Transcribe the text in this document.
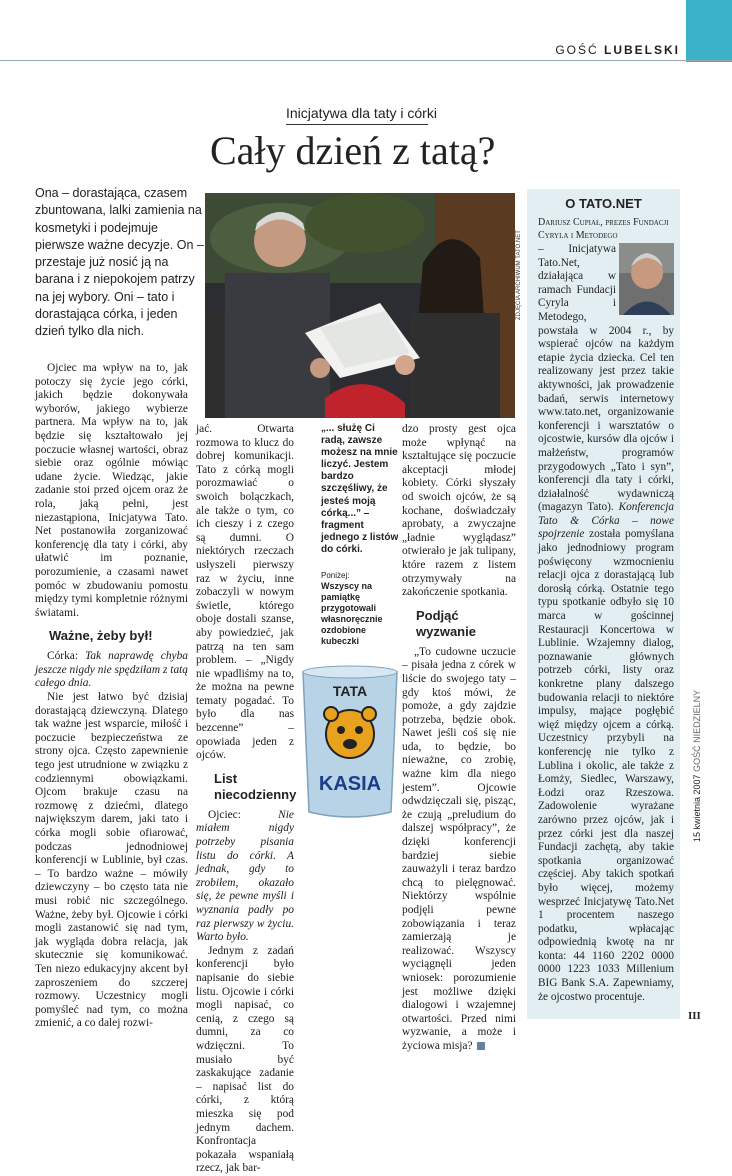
GOŚĆ LUBELSKI
Inicjatywa dla taty i córki
Cały dzień z tatą?
Ona – dorastająca, czasem zbuntowana, lalki zamienia na kosmetyki i podejmuje pierwsze ważne decyzje. On – przestaje już nosić ją na barana i z niepokojem patrzy na jej wybory. Oni – tato i dorastająca córka, i jeden dzień tylko dla nich.
ZDJĘCIA ARCHIWUM TATO.NET

Ojciec ma wpływ na to, jak potoczy się życie jego córki, jakich będzie dokonywała wyborów, jakiego wybierze partnera. Ma wpływ na to, jak będzie się kształtowało jej poczucie własnej wartości, obraz siebie oraz ogólnie mówiąc udane życie. Wiedząc, jakie zadanie stoi przed ojcem oraz że rola, jaką pełni, jest niezastąpiona, Inicjatywa Tato. Net postanowiła zorganizować konferencję dla taty i córki, aby ułatwić im poznanie, porozumienie, a czasami nawet pomóc w zbudowaniu pomostu między tymi kompletnie różnymi światami.

Ważne, żeby był!

Córka: Tak naprawdę chyba jeszcze nigdy nie spędziłam z tatą całego dnia.

Nie jest łatwo być dzisiaj dorastającą dziewczyną. Dlatego tak ważne jest wsparcie, miłość i poczucie bezpieczeństwa ze strony ojca. Często zapewnienie tego jest utrudnione w związku z codziennymi obowiązkami. Ojcom brakuje czasu na rozmowę z dziećmi, dlatego największym darem, jaki tato i córka mogli sobie ofiarować, podczas jednodniowej konferencji w Lublinie, był czas. – To bardzo ważne – mówiły dziewczyny – bo często tata nie musi robić nic szczególnego. Ważne, żeby był. Ojcowie i córki mogli zastanowić się nad tym, jak wygląda dobra relacja, jak skutecznie się komunikować. Ten niezo edukacyjny akcent był zaproszeniem do szczerej rozmowy. Uczestnicy mogli pomyśleć nad tym, co można zmienić, a co dalej rozwi-

jać. Otwarta rozmowa to klucz do dobrej komunikacji. Tato z córką mogli porozmawiać o swoich bolączkach, ale także o tym, co ich cieszy i z czego są dumni. O niektórych rzeczach usłyszeli pierwszy raz w życiu, inne zobaczyli w nowym świetle, którego oboje dostali szanse, aby powiedzieć, jak patrzą na ten sam problem. – „Nigdy nie wpadliśmy na to, że można na pewne tematy pogadać. To było dla nas bezcenne” – opowiada jeden z ojców.

List niecodzienny

Ojciec: Nie miałem nigdy potrzeby pisania listu do córki. A jednak, gdy to zrobiłem, okazało się, że pewne myśli i wyznania padły po raz pierwszy w życiu. Warto było.

Jednym z zadań konferencji było napisanie do siebie listu. Ojcowie i córki mogli napisać, co cenią, z czego są dumni, za co wdzięczni. To musiało być zaskakujące zadanie – napisać list do córki, z którą mieszka się pod jednym dachem. Konfrontacja pokazała wspaniałą rzecz, jak bar-

„... służę Ci radą, zawsze możesz na mnie liczyć. Jestem bardzo szczęśliwy, że jesteś moją córką...” – fragment jednego z listów do córki.
Poniżej:
Wszyscy na pamiątkę przygotowali własnoręcznie ozdobione kubeczki
TATA
KASIA

dzo prosty gest ojca może wpłynąć na kształtujące się poczucie akceptacji młodej kobiety. Córki słyszały od swoich ojców, że są kochane, doświadczały aprobaty, a zwyczajne „ładnie wyglądasz” otwierało je jak tulipany, które razem z listem otrzymywały na zakończenie spotkania.

Podjąć wyzwanie

„To cudowne uczucie – pisała jedna z córek w liście do swojego taty – gdy ktoś mówi, że pomoże, a gdy zajdzie potrzeba, będzie obok. Nawet jeśli coś się nie uda, to będzie, bo nieważne, co zrobię, ważne kim dla niego jestem”. Ojcowie odwdzięczali się, pisząc, że czują „preludium do dalszej współpracy”, że dzięki konferencji bardziej siebie zauważyli i teraz bardzo chcą to pielęgnować. Niektórzy wspólnie podjęli pewne zobowiązania i teraz zamierzają je realizować. Wszyscy wyciągnęli jeden wniosek: porozumienie jest możliwe dzięki dialogowi i wzajemnej otwartości. Przed nimi wyzwanie, a może i życiowa misja?

O TATO.NET
Dariusz Cupiał, prezes Fundacji Cyryla i Metodego
– Inicjatywa Tato.Net, działająca w ramach Fundacji Cyryla i Metodego, powstała w 2004 r., by wspierać ojców na każdym etapie życia dziecka. Cel ten realizowany jest przez takie aktywności, jak prowadzenie badań, serwis internetowy www.tato.net, organizowanie konferencji i warsztatów o ojcostwie, kursów dla ojców i małżeństw, programów przygodowych „Tato i syn”, konferencji dla taty i córki, działalność wydawniczą (magazyn Tato). Konferencja Tato & Córka – nowe spojrzenie została pomyślana jako jednodniowy program poświęcony wzmocnieniu relacji ojca z dorastającą lub dorosłą córką. Ostatnie tego typu spotkanie odbyło się 10 marca w gościnnej Restauracji Koncertowa w Lublinie. Wzajemny dialog, poznawanie głównych potrzeb córki, listy oraz konkretne plany dalszego budowania relacji to niektóre impulsy, mające pogłębić więź między ojcem a córką. Uczestnicy przybyli na konferencję nie tylko z Lublina i okolic, ale także z Łomży, Siedlec, Warszawy, Łodzi oraz Rzeszowa. Zadowolenie wyrażane zarówno przez ojców, jak i przez córki jest dla naszej Fundacji zachętą, aby takie spotkania organizować częściej. Aby takich spotkań było więcej, możemy wesprzeć Inicjatywę Tato.Net 1 procentem naszego podatku, wpłacając odpowiednią kwotę na nr konta: 44 1160 2202 0000 0000 1223 1033 Millenium BIG Bank S.A. Zapewniamy, że ojcostwo procentuje.
15 kwietnia 2007 GOŚĆ NIEDZIELNY
III
